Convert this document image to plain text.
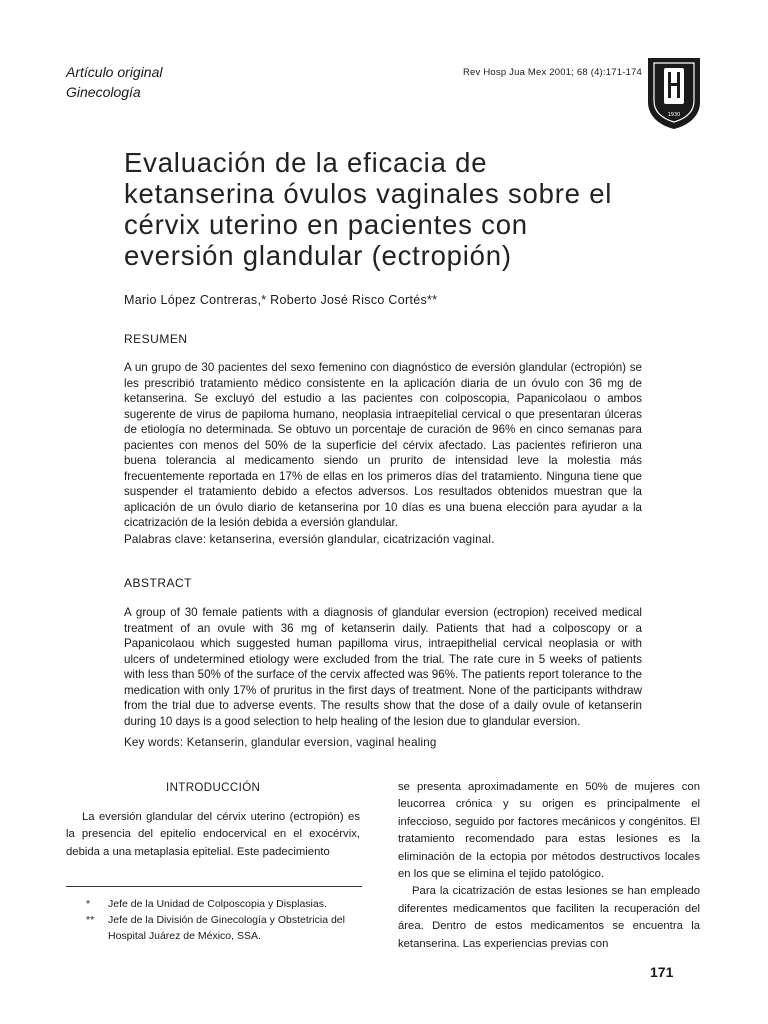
Artículo original
Ginecología
Rev Hosp Jua Mex 2001; 68 (4):171-174
1930
Evaluación de la eficacia de ketanserina óvulos vaginales sobre el cérvix uterino en pacientes con eversión glandular (ectropión)
Mario López Contreras,* Roberto José Risco Cortés**
RESUMEN

A un grupo de 30 pacientes del sexo femenino con diagnóstico de eversión glandular (ectropión) se les prescribió tratamiento médico consistente en la aplicación diaria de un óvulo con 36 mg de ketanserina. Se excluyó del estudio a las pacientes con colposcopia, Papanicolaou o ambos sugerente de virus de papiloma humano, neoplasia intraepitelial cervical o que presentaran úlceras de etiología no determinada. Se obtuvo un porcentaje de curación de 96% en cinco semanas para pacientes con menos del 50% de la superficie del cérvix afectado. Las pacientes refirieron una buena tolerancia al medicamento siendo un prurito de intensidad leve la molestia más frecuentemente reportada en 17% de ellas en los primeros días del tratamiento. Ninguna tiene que suspender el tratamiento debido a efectos adversos. Los resultados obtenidos muestran que la aplicación de un óvulo diario de ketanserina por 10 días es una buena elección para ayudar a la cicatrización de la lesión debida a eversión glandular.

Palabras clave: ketanserina, eversión glandular, cicatrización vaginal.
ABSTRACT

A group of 30 female patients with a diagnosis of glandular eversion (ectropion) received medical treatment of an ovule with 36 mg of ketanserin daily. Patients that had a colposcopy or a Papanicolaou which suggested human papilloma virus, intraepithelial cervical neoplasia or with ulcers of undetermined etiology were excluded from the trial. The rate cure in 5 weeks of patients with less than 50% of the surface of the cervix affected was 96%. The patients report tolerance to the medication with only 17% of pruritus in the first days of treatment. None of the participants withdraw from the trial due to adverse events. The results show that the dose of a daily ovule of ketanserin during 10 days is a good selection to help healing of the lesion due to glandular eversion.

Key words: Ketanserin, glandular eversion, vaginal healing
INTRODUCCIÓN

La eversión glandular del cérvix uterino (ectropión) es la presencia del epitelio endocervical en el exocérvix, debida a una metaplasia epitelial. Este padecimiento

se presenta aproximadamente en 50% de mujeres con leucorrea crónica y su origen es principalmente el infeccioso, seguido por factores mecánicos y congénitos. El tratamiento recomendado para estas lesiones es la eliminación de la ectopia por métodos destructivos locales en los que se elimina el tejido patológico.

Para la cicatrización de estas lesiones se han empleado diferentes medicamentos que faciliten la recuperación del área. Dentro de estos medicamentos se encuentra la ketanserina. Las experiencias previas con

* Jefe de la Unidad de Colposcopia y Displasias.
** Jefe de la División de Ginecología y Obstetricia del Hospital Juárez de México, SSA.
171
